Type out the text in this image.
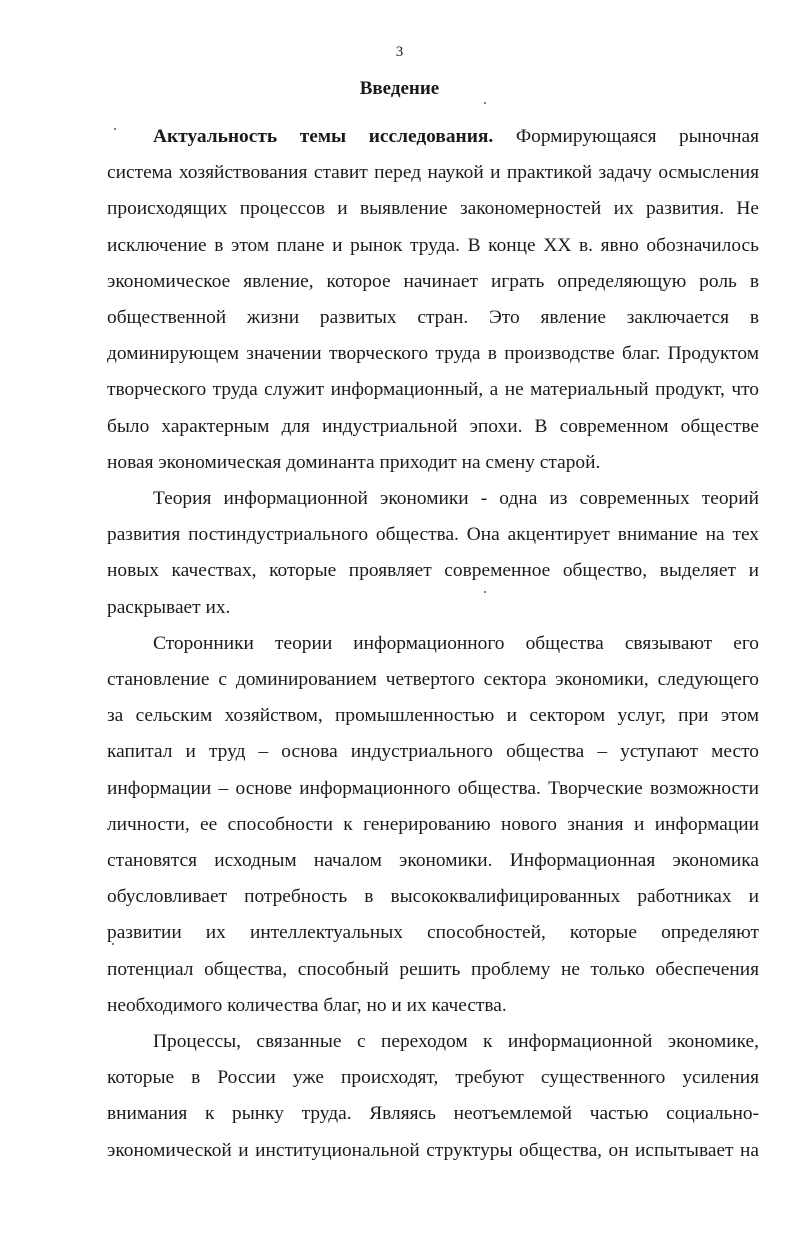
3
Введение

Актуальность темы исследования. Формирующаяся рыночная

система хозяйствования ставит перед наукой и практикой задачу осмысления

происходящих процессов и выявление закономерностей их развития. Не

исключение в этом плане и рынок труда. В конце XX в. явно обозначилось

экономическое явление, которое начинает играть определяющую роль в

общественной жизни развитых стран. Это явление заключается в

доминирующем значении творческого труда в производстве благ. Продуктом

творческого труда служит информационный, а не материальный продукт, что

было характерным для индустриальной эпохи. В современном обществе

новая экономическая доминанта приходит на смену старой.

Теория информационной экономики - одна из современных теорий

развития постиндустриального общества. Она акцентирует внимание на тех

новых качествах, которые проявляет современное общество, выделяет и

раскрывает их.

Сторонники теории информационного общества связывают его

становление с доминированием четвертого сектора экономики, следующего

за сельским хозяйством, промышленностью и сектором услуг, при этом

капитал и труд – основа индустриального общества – уступают место

информации – основе информационного общества. Творческие возможности

личности, ее способности к генерированию нового знания и информации

становятся исходным началом экономики. Информационная экономика

обусловливает потребность в высококвалифицированных работниках и

развитии их интеллектуальных способностей, которые определяют

потенциал общества, способный решить проблему не только обеспечения

необходимого количества благ, но и их качества.

Процессы, связанные с переходом к информационной экономике,

которые в России уже происходят, требуют существенного усиления

внимания к рынку труда. Являясь неотъемлемой частью социально-

экономической и институциональной структуры общества, он испытывает на
